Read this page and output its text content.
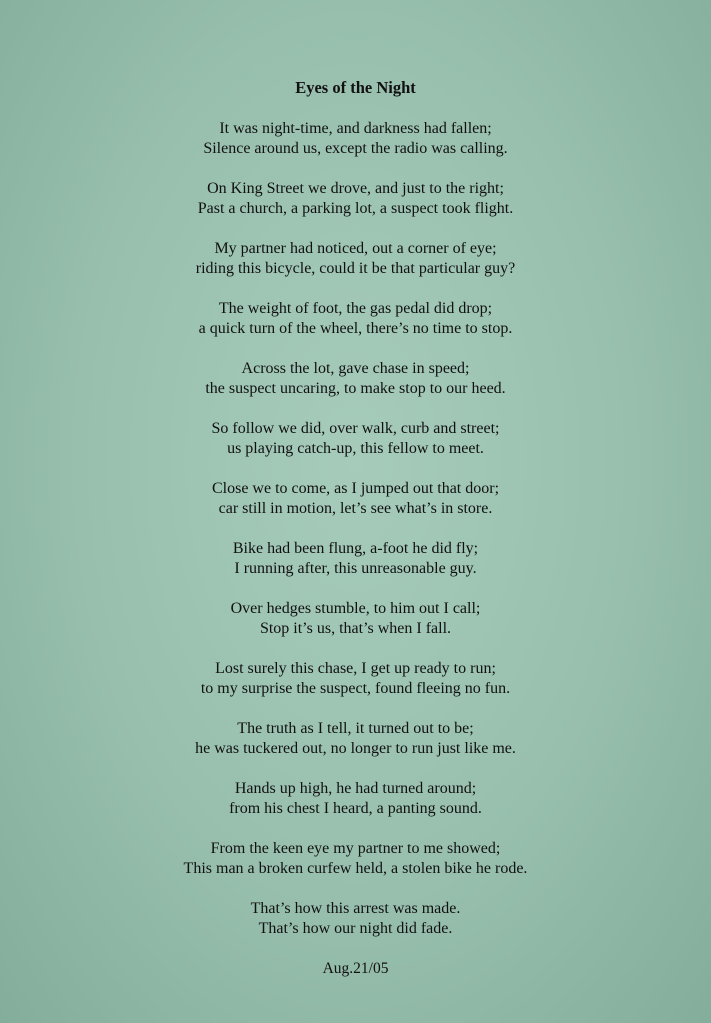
Eyes of the Night
It was night-time, and darkness had fallen;
Silence around us, except the radio was calling.
On King Street we drove, and just to the right;
Past a church, a parking lot, a suspect took flight.
My partner had noticed, out a corner of eye;
riding this bicycle, could it be that particular guy?
The weight of foot, the gas pedal did drop;
a quick turn of the wheel, there’s no time to stop.
Across the lot, gave chase in speed;
the suspect uncaring, to make stop to our heed.
So follow we did, over walk, curb and street;
us playing catch-up, this fellow to meet.
Close we to come, as I jumped out that door;
car still in motion, let’s see what’s in store.
Bike had been flung, a-foot he did fly;
I running after, this unreasonable guy.
Over hedges stumble, to him out I call;
Stop it’s us, that’s when I fall.
Lost surely this chase, I get up ready to run;
to my surprise the suspect, found fleeing no fun.
The truth as I tell, it turned out to be;
he was tuckered out, no longer to run just like me.
Hands up high, he had turned around;
from his chest I heard, a panting sound.
From the keen eye my partner to me showed;
This man a broken curfew held, a stolen bike he rode.
That’s how this arrest was made.
That’s how our night did fade.
Aug.21/05
